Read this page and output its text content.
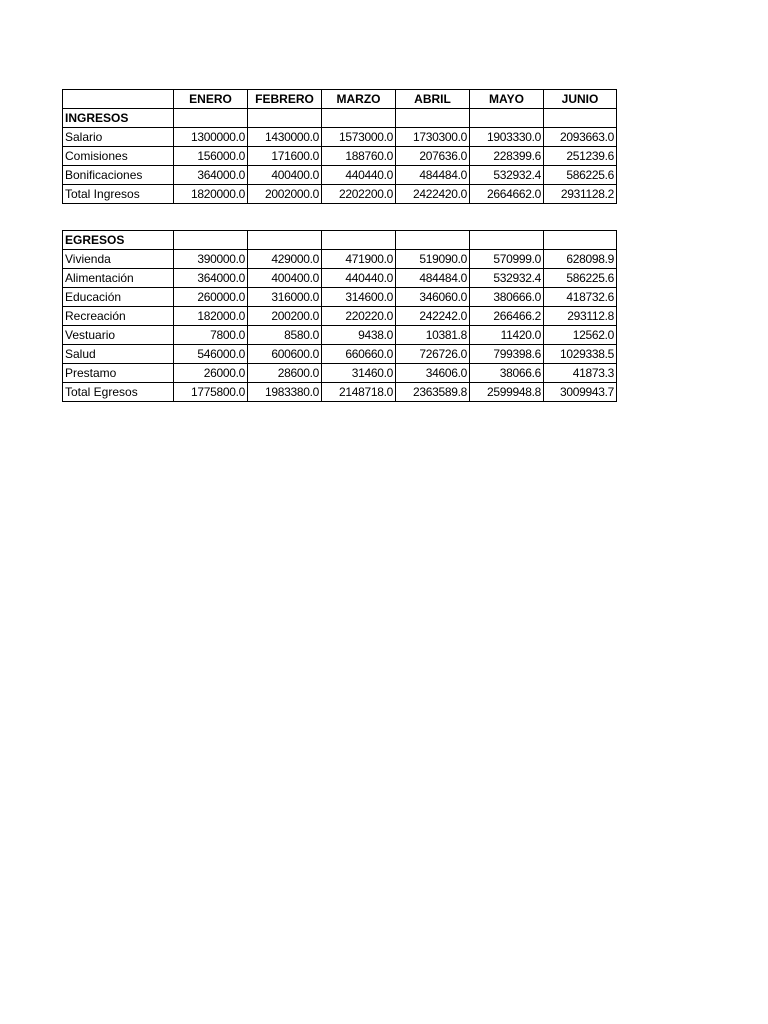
	ENERO	FEBRERO	MARZO	ABRIL	MAYO	JUNIO
INGRESOS						
Salario	1300000.0	1430000.0	1573000.0	1730300.0	1903330.0	2093663.0
Comisiones	156000.0	171600.0	188760.0	207636.0	228399.6	251239.6
Bonificaciones	364000.0	400400.0	440440.0	484484.0	532932.4	586225.6
Total Ingresos	1820000.0	2002000.0	2202200.0	2422420.0	2664662.0	2931128.2
EGRESOS						
Vivienda	390000.0	429000.0	471900.0	519090.0	570999.0	628098.9
Alimentación	364000.0	400400.0	440440.0	484484.0	532932.4	586225.6
Educación	260000.0	316000.0	314600.0	346060.0	380666.0	418732.6
Recreación	182000.0	200200.0	220220.0	242242.0	266466.2	293112.8
Vestuario	7800.0	8580.0	9438.0	10381.8	11420.0	12562.0
Salud	546000.0	600600.0	660660.0	726726.0	799398.6	1029338.5
Prestamo	26000.0	28600.0	31460.0	34606.0	38066.6	41873.3
Total Egresos	1775800.0	1983380.0	2148718.0	2363589.8	2599948.8	3009943.7
